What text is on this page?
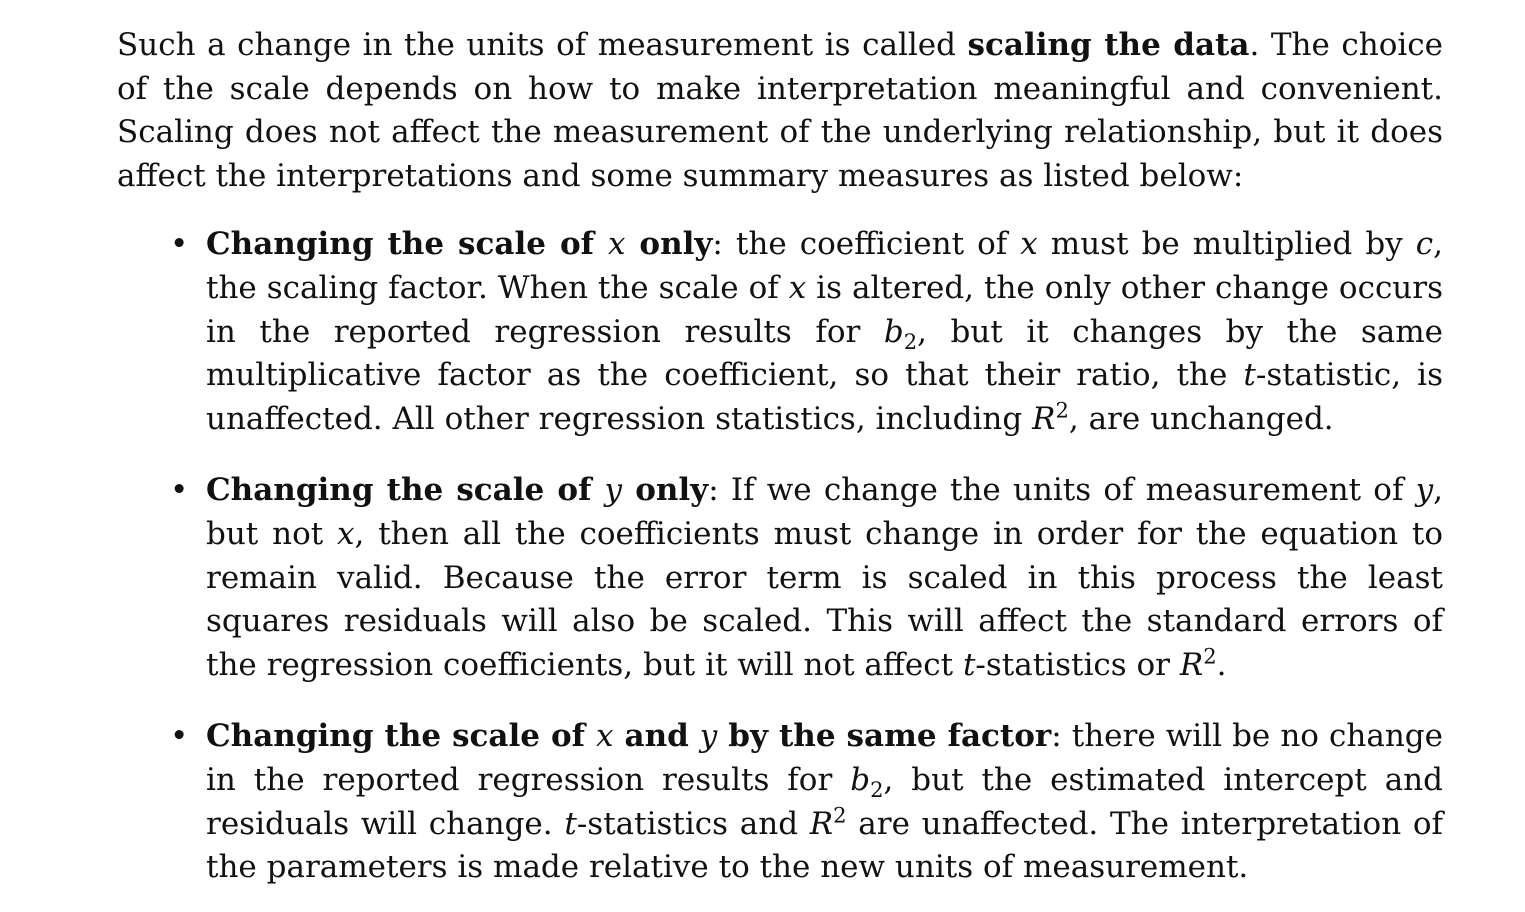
Such a change in the units of measurement is called scaling the data. The choice of the scale depends on how to make interpretation meaningful and convenient. Scaling does not affect the measurement of the underlying relationship, but it does affect the interpretations and some summary measures as listed below:

• Changing the scale of x only: the coefficient of x must be multiplied by c, the scaling factor. When the scale of x is altered, the only other change occurs in the reported regression results for $b_2$, but it changes by the same multiplicative factor as the coefficient, so that their ratio, the t-statistic, is unaffected. All other regression statistics, including $R^2$, are unchanged.
• Changing the scale of y only: If we change the units of measurement of y, but not x, then all the coefficients must change in order for the equation to remain valid. Because the error term is scaled in this process the least squares residuals will also be scaled. This will affect the standard errors of the regression coefficients, but it will not affect t-statistics or $R^2$.
• Changing the scale of x and y by the same factor: there will be no change in the reported regression results for $b_2$, but the estimated intercept and residuals will change. t-statistics and $R^2$ are unaffected. The interpretation of the parameters is made relative to the new units of measurement.
